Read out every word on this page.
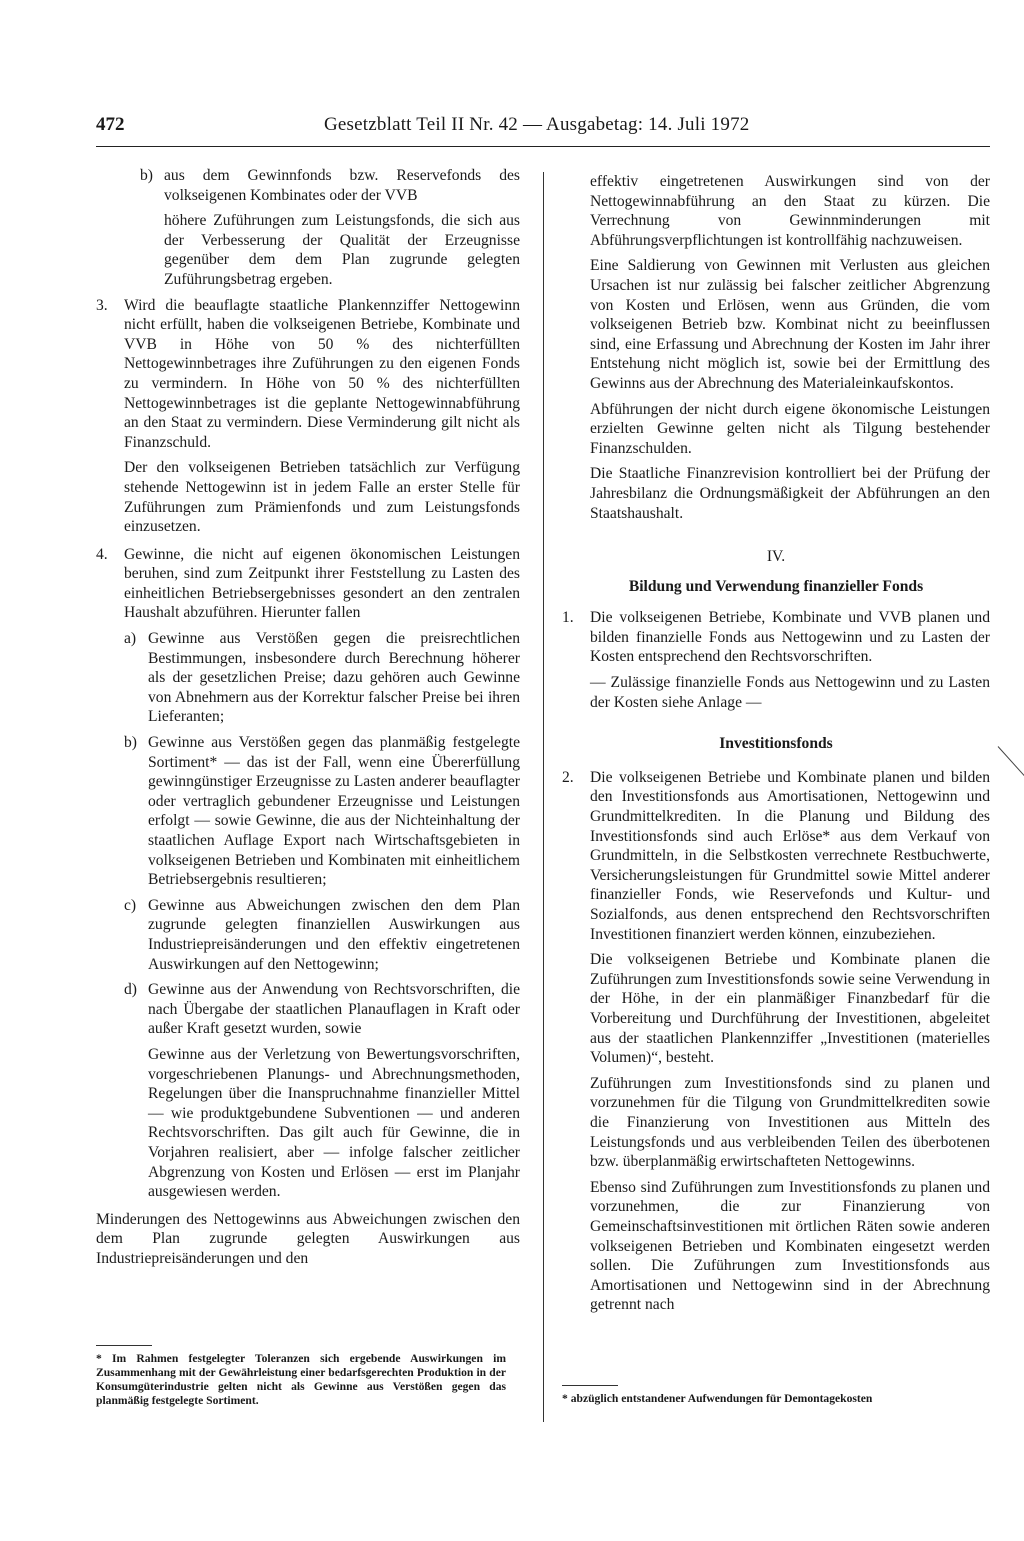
472	Gesetzblatt Teil II Nr. 42 — Ausgabetag: 14. Juli 1972
b) aus dem Gewinnfonds bzw. Reservefonds des volkseigenen Kombinates oder der VVB

höhere Zuführungen zum Leistungsfonds, die sich aus der Verbesserung der Qualität der Erzeugnisse gegenüber dem dem Plan zugrunde gelegten Zuführungsbetrag ergeben.

3. Wird die beauflagte staatliche Plankennziffer Nettogewinn nicht erfüllt, haben die volkseigenen Betriebe, Kombinate und VVB in Höhe von 50 % des nichterfüllten Nettogewinnbetrages ihre Zuführungen zu den eigenen Fonds zu vermindern. In Höhe von 50 % des nichterfüllten Nettogewinnbetrages ist die geplante Nettogewinnabführung an den Staat zu vermindern. Diese Verminderung gilt nicht als Finanzschuld.

Der den volkseigenen Betrieben tatsächlich zur Verfügung stehende Nettogewinn ist in jedem Falle an erster Stelle für Zuführungen zum Prämienfonds und zum Leistungsfonds einzusetzen.

4. Gewinne, die nicht auf eigenen ökonomischen Leistungen beruhen, sind zum Zeitpunkt ihrer Feststellung zu Lasten des einheitlichen Betriebsergebnisses gesondert an den zentralen Haushalt abzuführen. Hierunter fallen

a) Gewinne aus Verstößen gegen die preisrechtlichen Bestimmungen, insbesondere durch Berechnung höherer als der gesetzlichen Preise; dazu gehören auch Gewinne von Abnehmern aus der Korrektur falscher Preise bei ihren Lieferanten;

b) Gewinne aus Verstößen gegen das planmäßig festgelegte Sortiment* — das ist der Fall, wenn eine Übererfüllung gewinngünstiger Erzeugnisse zu Lasten anderer beauflagter oder vertraglich gebundener Erzeugnisse und Leistungen erfolgt — sowie Gewinne, die aus der Nichteinhaltung der staatlichen Auflage Export nach Wirtschaftsgebieten in volkseigenen Betrieben und Kombinaten mit einheitlichem Betriebsergebnis resultieren;

c) Gewinne aus Abweichungen zwischen den dem Plan zugrunde gelegten finanziellen Auswirkungen aus Industriepreisänderungen und den effektiv eingetretenen Auswirkungen auf den Nettogewinn;

d) Gewinne aus der Anwendung von Rechtsvorschriften, die nach Übergabe der staatlichen Planauflagen in Kraft oder außer Kraft gesetzt wurden, sowie

Gewinne aus der Verletzung von Bewertungsvorschriften, vorgeschriebenen Planungs- und Abrechnungsmethoden, Regelungen über die Inanspruchnahme finanzieller Mittel — wie produktgebundene Subventionen — und anderen Rechtsvorschriften. Das gilt auch für Gewinne, die in Vorjahren realisiert, aber — infolge falscher zeitlicher Abgrenzung von Kosten und Erlösen — erst im Planjahr ausgewiesen werden.

Minderungen des Nettogewinns aus Abweichungen zwischen den dem Plan zugrunde gelegten Auswirkungen aus Industriepreisänderungen und den

* Im Rahmen festgelegter Toleranzen sich ergebende Auswirkungen im Zusammenhang mit der Gewährleistung einer bedarfsgerechten Produktion in der Konsumgüterindustrie gelten nicht als Gewinne aus Verstößen gegen das planmäßig festgelegte Sortiment.

effektiv eingetretenen Auswirkungen sind von der Nettogewinnabführung an den Staat zu kürzen. Die Verrechnung von Gewinnminderungen mit Abführungsverpflichtungen ist kontrollfähig nachzuweisen.

Eine Saldierung von Gewinnen mit Verlusten aus gleichen Ursachen ist nur zulässig bei falscher zeitlicher Abgrenzung von Kosten und Erlösen, wenn aus Gründen, die vom volkseigenen Betrieb bzw. Kombinat nicht zu beeinflussen sind, eine Erfassung und Abrechnung der Kosten im Jahr ihrer Entstehung nicht möglich ist, sowie bei der Ermittlung des Gewinns aus der Abrechnung des Materialeinkaufskontos.

Abführungen der nicht durch eigene ökonomische Leistungen erzielten Gewinne gelten nicht als Tilgung bestehender Finanzschulden.

Die Staatliche Finanzrevision kontrolliert bei der Prüfung der Jahresbilanz die Ordnungsmäßigkeit der Abführungen an den Staatshaushalt.

IV.
Bildung und Verwendung finanzieller Fonds
1. Die volkseigenen Betriebe, Kombinate und VVB planen und bilden finanzielle Fonds aus Nettogewinn und zu Lasten der Kosten entsprechend den Rechtsvorschriften.

— Zulässige finanzielle Fonds aus Nettogewinn und zu Lasten der Kosten siehe Anlage —

Investitionsfonds
2. Die volkseigenen Betriebe und Kombinate planen und bilden den Investitionsfonds aus Amortisationen, Nettogewinn und Grundmittelkrediten. In die Planung und Bildung des Investitionsfonds sind auch Erlöse* aus dem Verkauf von Grundmitteln, in die Selbstkosten verrechnete Restbuchwerte, Versicherungsleistungen für Grundmittel sowie Mittel anderer finanzieller Fonds, wie Reservefonds und Kultur- und Sozialfonds, aus denen entsprechend den Rechtsvorschriften Investitionen finanziert werden können, einzubeziehen.

Die volkseigenen Betriebe und Kombinate planen die Zuführungen zum Investitionsfonds sowie seine Verwendung in der Höhe, in der ein planmäßiger Finanzbedarf für die Vorbereitung und Durchführung der Investitionen, abgeleitet aus der staatlichen Plankennziffer „Investitionen (materielles Volumen)“, besteht.

Zuführungen zum Investitionsfonds sind zu planen und vorzunehmen für die Tilgung von Grundmittelkrediten sowie die Finanzierung von Investitionen aus Mitteln des Leistungsfonds und aus verbleibenden Teilen des überbotenen bzw. überplanmäßig erwirtschafteten Nettogewinns.

Ebenso sind Zuführungen zum Investitionsfonds zu planen und vorzunehmen, die zur Finanzierung von Gemeinschaftsinvestitionen mit örtlichen Räten sowie anderen volkseigenen Betrieben und Kombinaten eingesetzt werden sollen. Die Zuführungen zum Investitionsfonds aus Amortisationen und Nettogewinn sind in der Abrechnung getrennt nach

* abzüglich entstandener Aufwendungen für Demontagekosten
